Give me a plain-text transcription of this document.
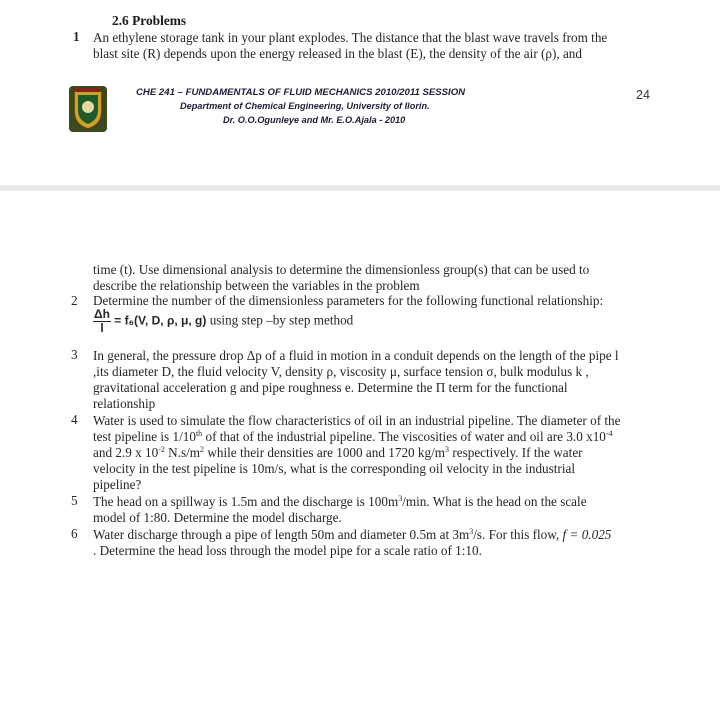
2.6 Problems
1 An ethylene storage tank in your plant explodes. The distance that the blast wave travels from the
blast site (R) depends upon the energy released in the blast (E), the density of the air (ρ), and
CHE 241 – FUNDAMENTALS OF FLUID MECHANICS 2010/2011 SESSION
Department of Chemical Engineering, University of Ilorin.
Dr. O.O.Ogunleye and Mr. E.O.Ajala - 2010
24
time (t). Use dimensional analysis to determine the dimensionless group(s) that can be used to
describe the relationship between the variables in the problem
2 Determine the number of the dimensionless parameters for the following functional relationship:
$\frac{\Delta h}{l} = f_6(V$, D, ρ, μ, g) using step –by step method
3 In general, the pressure drop Δp of a fluid in motion in a conduit depends on the length of the pipe l
,its diameter D, the fluid velocity V, density ρ, viscosity μ, surface tension σ, bulk modulus k ,
gravitational acceleration g and pipe roughness e. Determine the Π term for the functional
relationship
4 Water is used to simulate the flow characteristics of oil in an industrial pipeline. The diameter of the
test pipeline is 1/10th of that of the industrial pipeline. The viscosities of water and oil are 3.0 $x10^{-4}$
and 2.9 x $10^{-2}$ $N.s/m^2$ while their densities are 1000 and 1720 $kg/m^3$ respectively. If the water
velocity in the test pipeline is 10m/s, what is the corresponding oil velocity in the industrial
pipeline?
5 The head on a spillway is 1.5m and the discharge is $100m^3/\min$. What is the head on the scale
model of 1:80. Determine the model discharge.
6 Water discharge through a pipe of length 50m and diameter 0.5m at $3m^3/s$. For this flow, f = 0.025
. Determine the head loss through the model pipe for a scale ratio of 1:10.
